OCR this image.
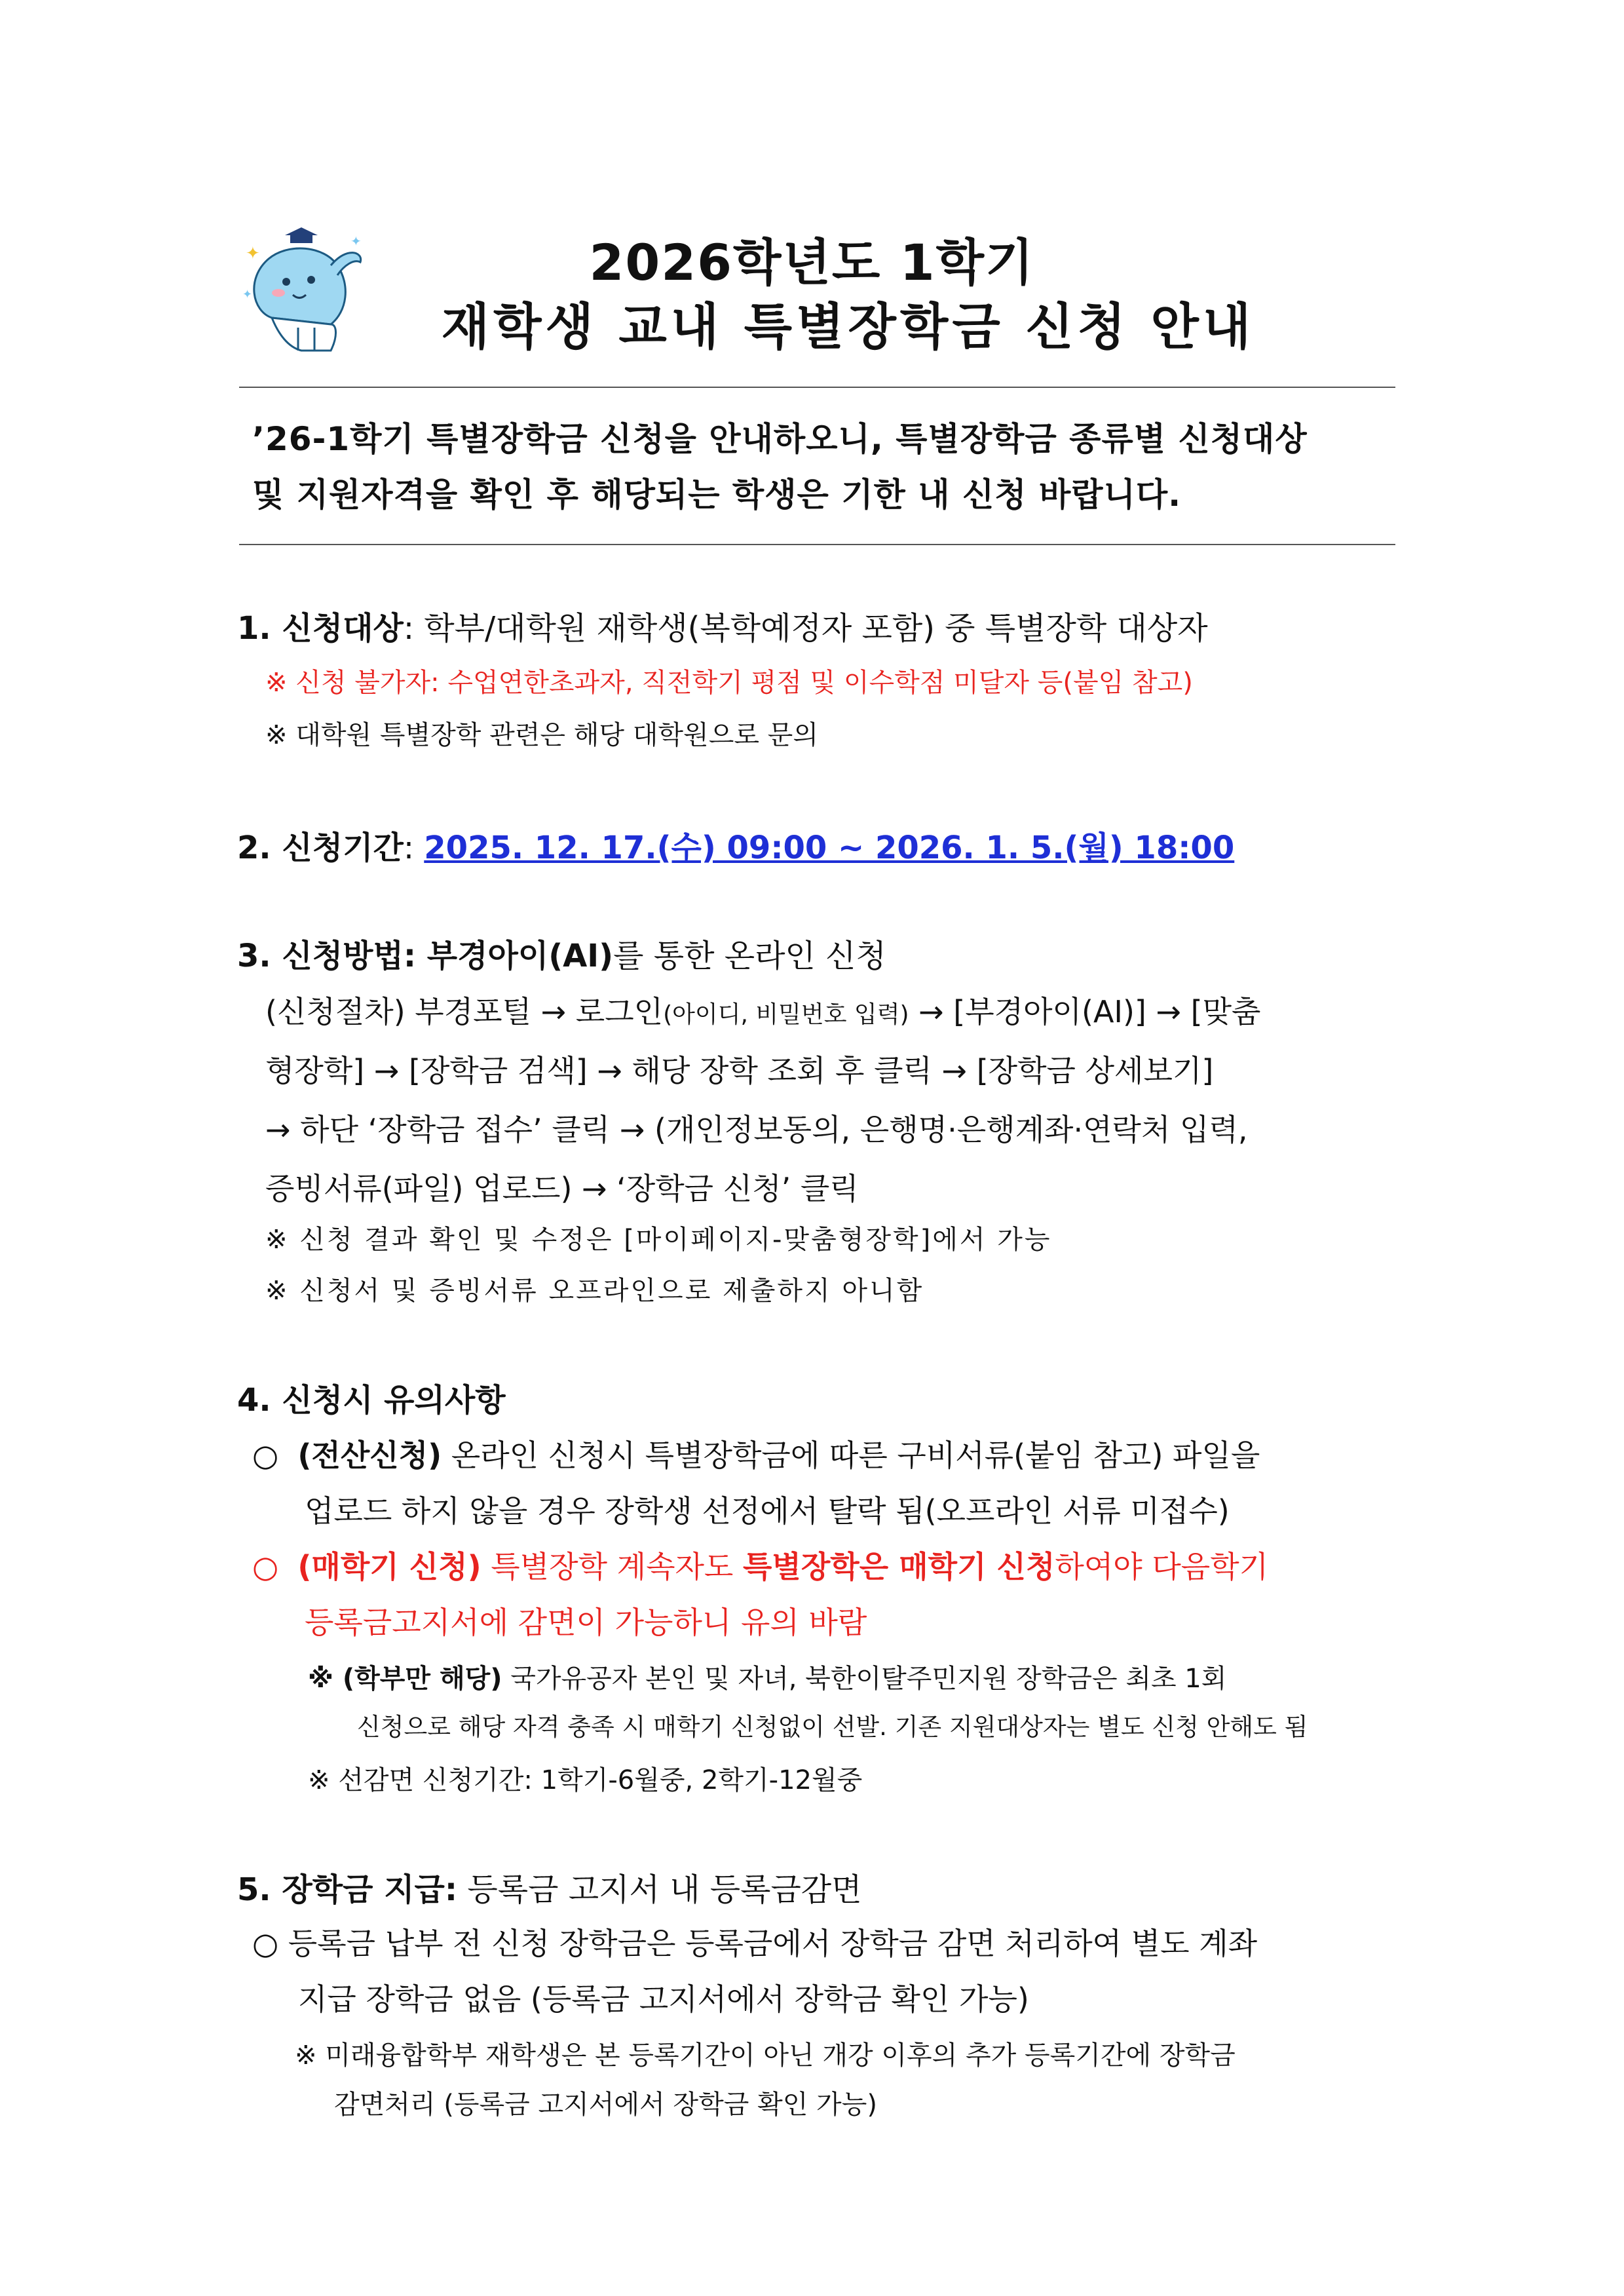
✦
✦
✦
2026학년도 1학기
재학생 교내 특별장학금 신청 안내
’26-1학기 특별장학금 신청을 안내하오니, 특별장학금 종류별 신청대상
및 지원자격을 확인 후 해당되는 학생은 기한 내 신청 바랍니다.
1. 신청대상: 학부/대학원 재학생(복학예정자 포함) 중 특별장학 대상자
※ 신청 불가자: 수업연한초과자, 직전학기 평점 및 이수학점 미달자 등(붙임 참고)
※ 대학원 특별장학 관련은 해당 대학원으로 문의
2. 신청기간: 2025. 12. 17.(수) 09:00 ~ 2026. 1. 5.(월) 18:00
3. 신청방법: 부경아이(AI)를 통한 온라인 신청
(신청절차) 부경포털 → 로그인(아이디, 비밀번호 입력) → [부경아이(AI)] → [맞춤
형장학] → [장학금 검색] → 해당 장학 조회 후 클릭 → [장학금 상세보기]
→ 하단 ‘장학금 접수’ 클릭 → (개인정보동의, 은행명·은행계좌·연락처 입력,
증빙서류(파일) 업로드) → ‘장학금 신청’ 클릭
※ 신청 결과 확인 및 수정은 [마이페이지-맞춤형장학]에서 가능
※ 신청서 및 증빙서류 오프라인으로 제출하지 아니함
4. 신청시 유의사항
○ (전산신청) 온라인 신청시 특별장학금에 따른 구비서류(붙임 참고) 파일을
업로드 하지 않을 경우 장학생 선정에서 탈락 됨(오프라인 서류 미접수)
○ (매학기 신청) 특별장학 계속자도 특별장학은 매학기 신청하여야 다음학기
등록금고지서에 감면이 가능하니 유의 바람
※ (학부만 해당) 국가유공자 본인 및 자녀, 북한이탈주민지원 장학금은 최초 1회
신청으로 해당 자격 충족 시 매학기 신청없이 선발. 기존 지원대상자는 별도 신청 안해도 됨
※ 선감면 신청기간: 1학기-6월중, 2학기-12월중
5. 장학금 지급: 등록금 고지서 내 등록금감면
○ 등록금 납부 전 신청 장학금은 등록금에서 장학금 감면 처리하여 별도 계좌
지급 장학금 없음 (등록금 고지서에서 장학금 확인 가능)
※ 미래융합학부 재학생은 본 등록기간이 아닌 개강 이후의 추가 등록기간에 장학금
감면처리 (등록금 고지서에서 장학금 확인 가능)
